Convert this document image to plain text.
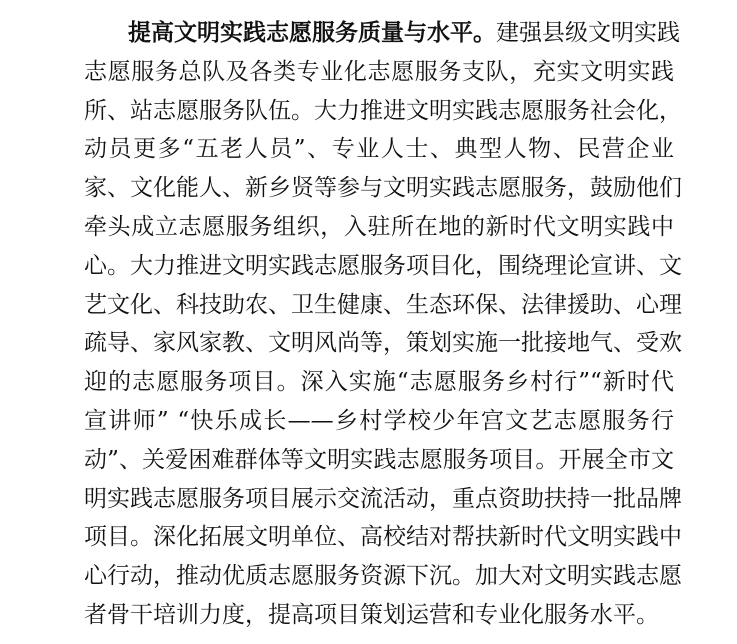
提高文明实践志愿服务质量与水平。建强县级文明实践
志愿服务总队及各类专业化志愿服务支队，充实文明实践
所、站志愿服务队伍。大力推进文明实践志愿服务社会化，
动员更多“五老人员”、专业人士、典型人物、民营企业
家、文化能人、新乡贤等参与文明实践志愿服务，鼓励他们
牵头成立志愿服务组织，入驻所在地的新时代文明实践中
心。大力推进文明实践志愿服务项目化，围绕理论宣讲、文
艺文化、科技助农、卫生健康、生态环保、法律援助、心理
疏导、家风家教、文明风尚等，策划实施一批接地气、受欢
迎的志愿服务项目。深入实施“志愿服务乡村行”“新时代
宣讲师” “快乐成长——乡村学校少年宫文艺志愿服务行
动”、关爱困难群体等文明实践志愿服务项目。开展全市文
明实践志愿服务项目展示交流活动，重点资助扶持一批品牌
项目。深化拓展文明单位、高校结对帮扶新时代文明实践中
心行动，推动优质志愿服务资源下沉。加大对文明实践志愿
者骨干培训力度，提高项目策划运营和专业化服务水平。
